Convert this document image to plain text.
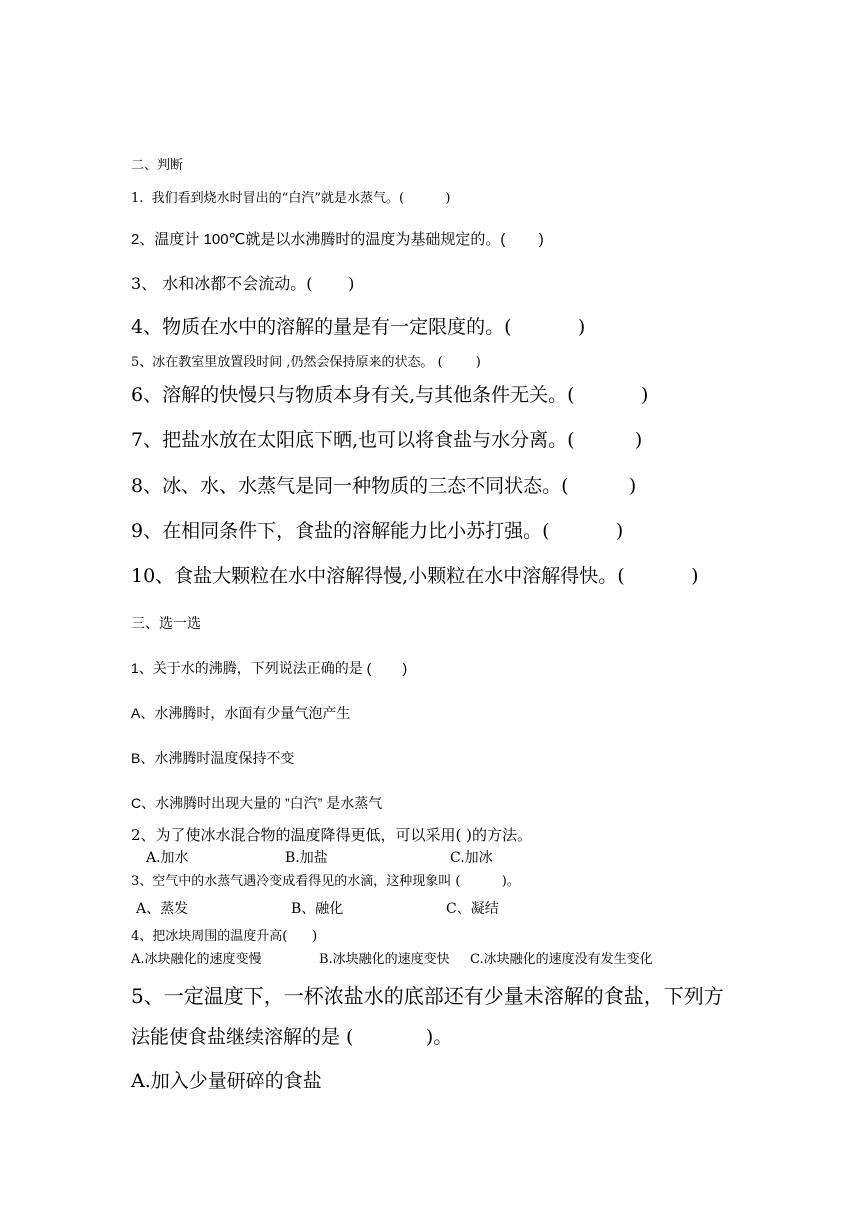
二、判断
1.  我们看到烧水时冒出的“白汽”就是水蒸气。(          )
2、温度计 100℃就是以水沸腾时的温度为基础规定的。(        )
3、 水和冰都不会流动。(       )
4、物质在水中的溶解的量是有一定限度的。(           )
5、冰在教室里放置段时间 ,仍然会保持原来的状态。 (        )
6、溶解的快慢只与物质本身有关,与其他条件无关。(           )
7、把盐水放在太阳底下晒,也可以将食盐与水分离。(          )
8、冰、水、水蒸气是同一种物质的三态不同状态。(          )
9、在相同条件下，食盐的溶解能力比小苏打强。(           )
10、食盐大颗粒在水中溶解得慢,小颗粒在水中溶解得快。(           )
三、选一选
1、关于水的沸腾，下列说法正确的是 (        )
A、水沸腾时，水面有少量气泡产生
B、水沸腾时温度保持不变
C、水沸腾时出现大量的 ”白汽” 是水蒸气
2、为了使冰水混合物的温度降得更低，可以采用( )的方法。
A.加水	B.加盐	C.加冰
3、空气中的水蒸气遇冷变成看得见的水滴，这种现象叫 (          )。
A、蒸发	B、融化	C、凝结
4、把冰块周围的温度升高(      )
A.冰块融化的速度变慢	B.冰块融化的速度变快 C.冰块融化的速度没有发生变化
5、一定温度下，一杯浓盐水的底部还有少量未溶解的食盐，下列方
法能使食盐继续溶解的是 (            )。
A.加入少量研碎的食盐
